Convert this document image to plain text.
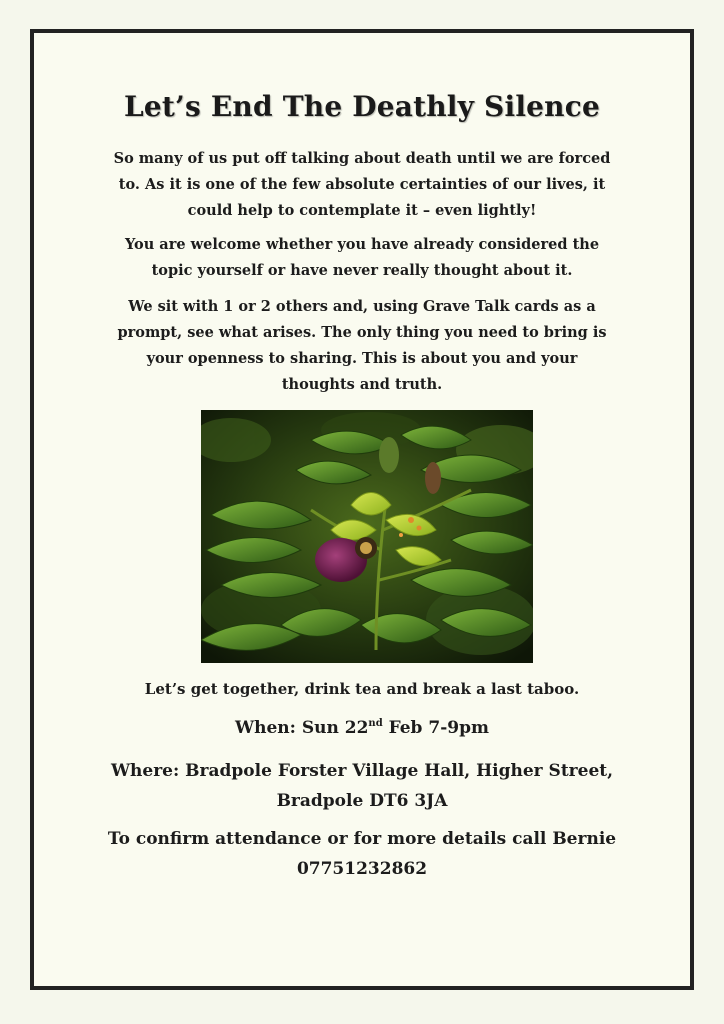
Let’s End The Deathly Silence
So many of us put off talking about death until we are forced
to. As it is one of the few absolute certainties of our lives, it
could help to contemplate it – even lightly!
You are welcome whether you have already considered the
topic yourself or have never really thought about it.
We sit with 1 or 2 others and, using Grave Talk cards as a
prompt, see what arises. The only thing you need to bring is
your openness to sharing. This is about you and your
thoughts and truth.
Let’s get together, drink tea and break a last taboo.
When: Sun 22nd Feb 7-9pm
Where: Bradpole Forster Village Hall, Higher Street,
Bradpole DT6 3JA
To confirm attendance or for more details call Bernie
07751232862
